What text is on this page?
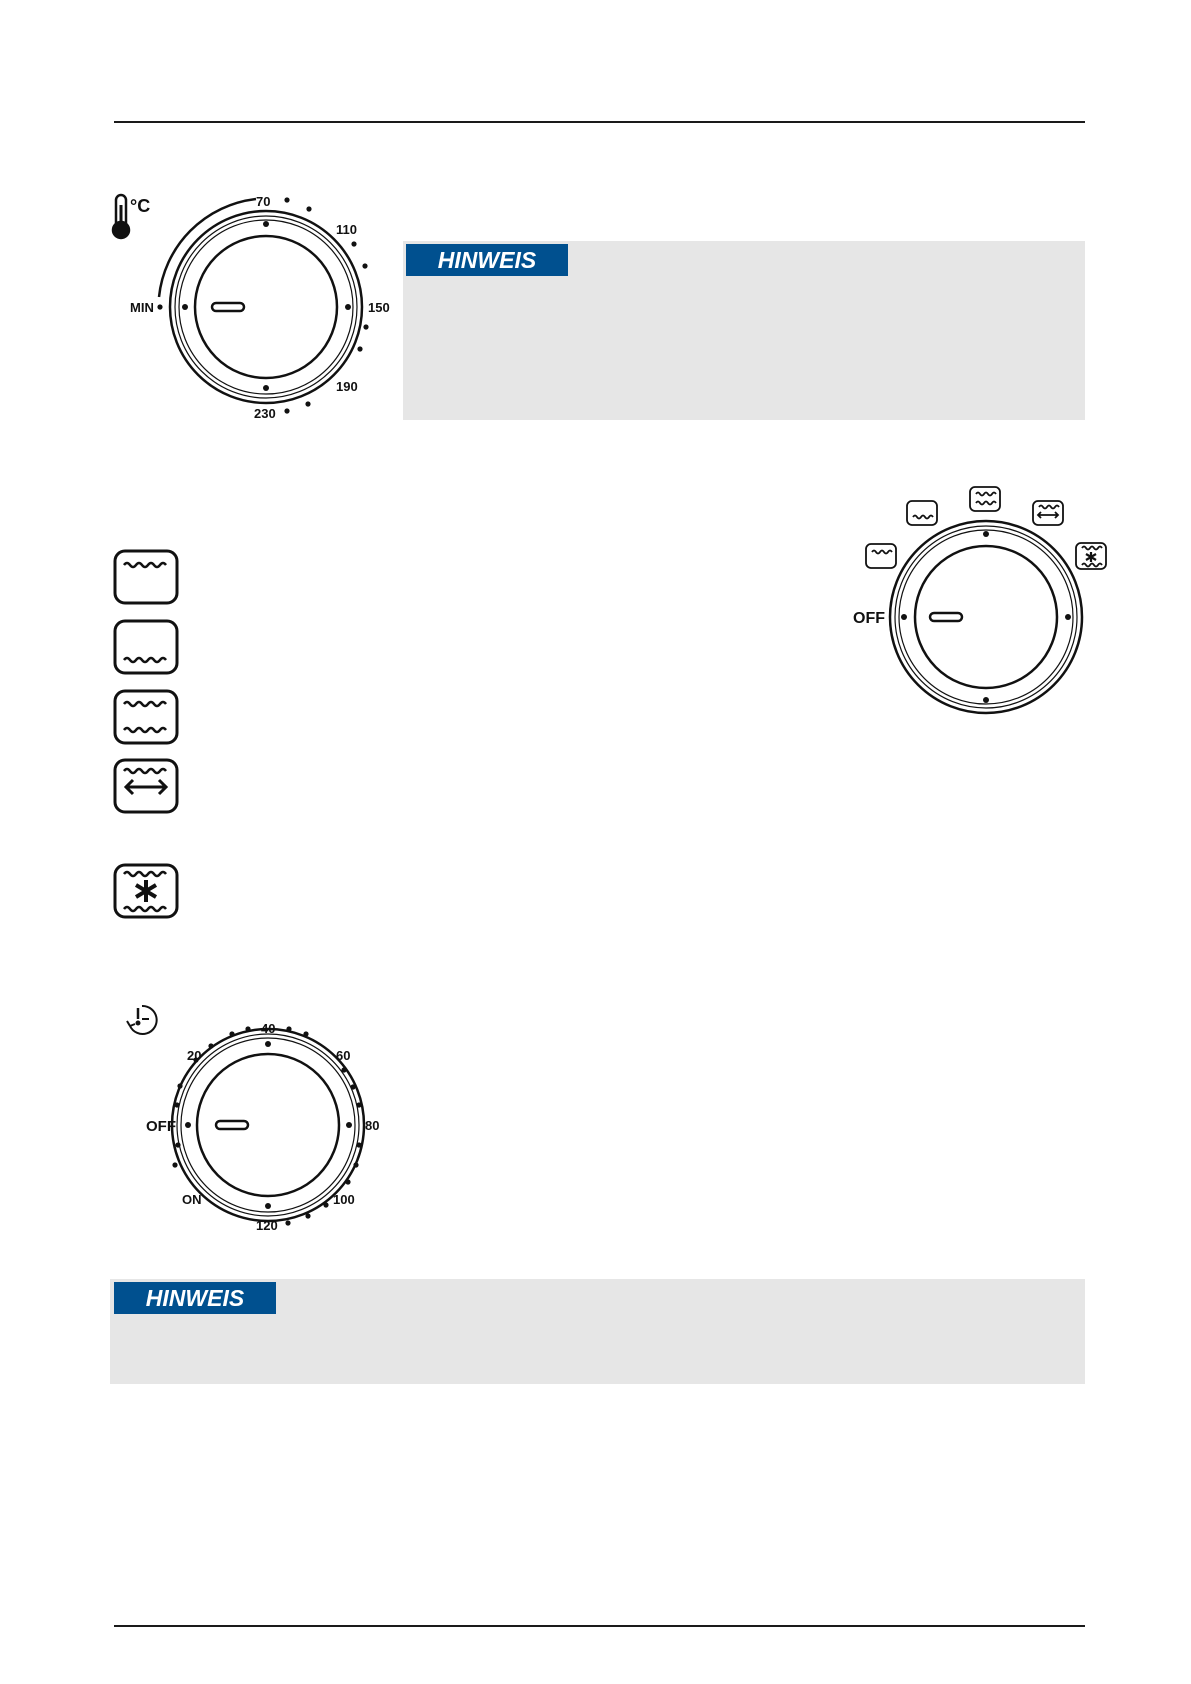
°C
MIN
70
110
150
190
230
HINWEIS
OFF
OFF
20
40
60
80
100
120
ON
HINWEIS
